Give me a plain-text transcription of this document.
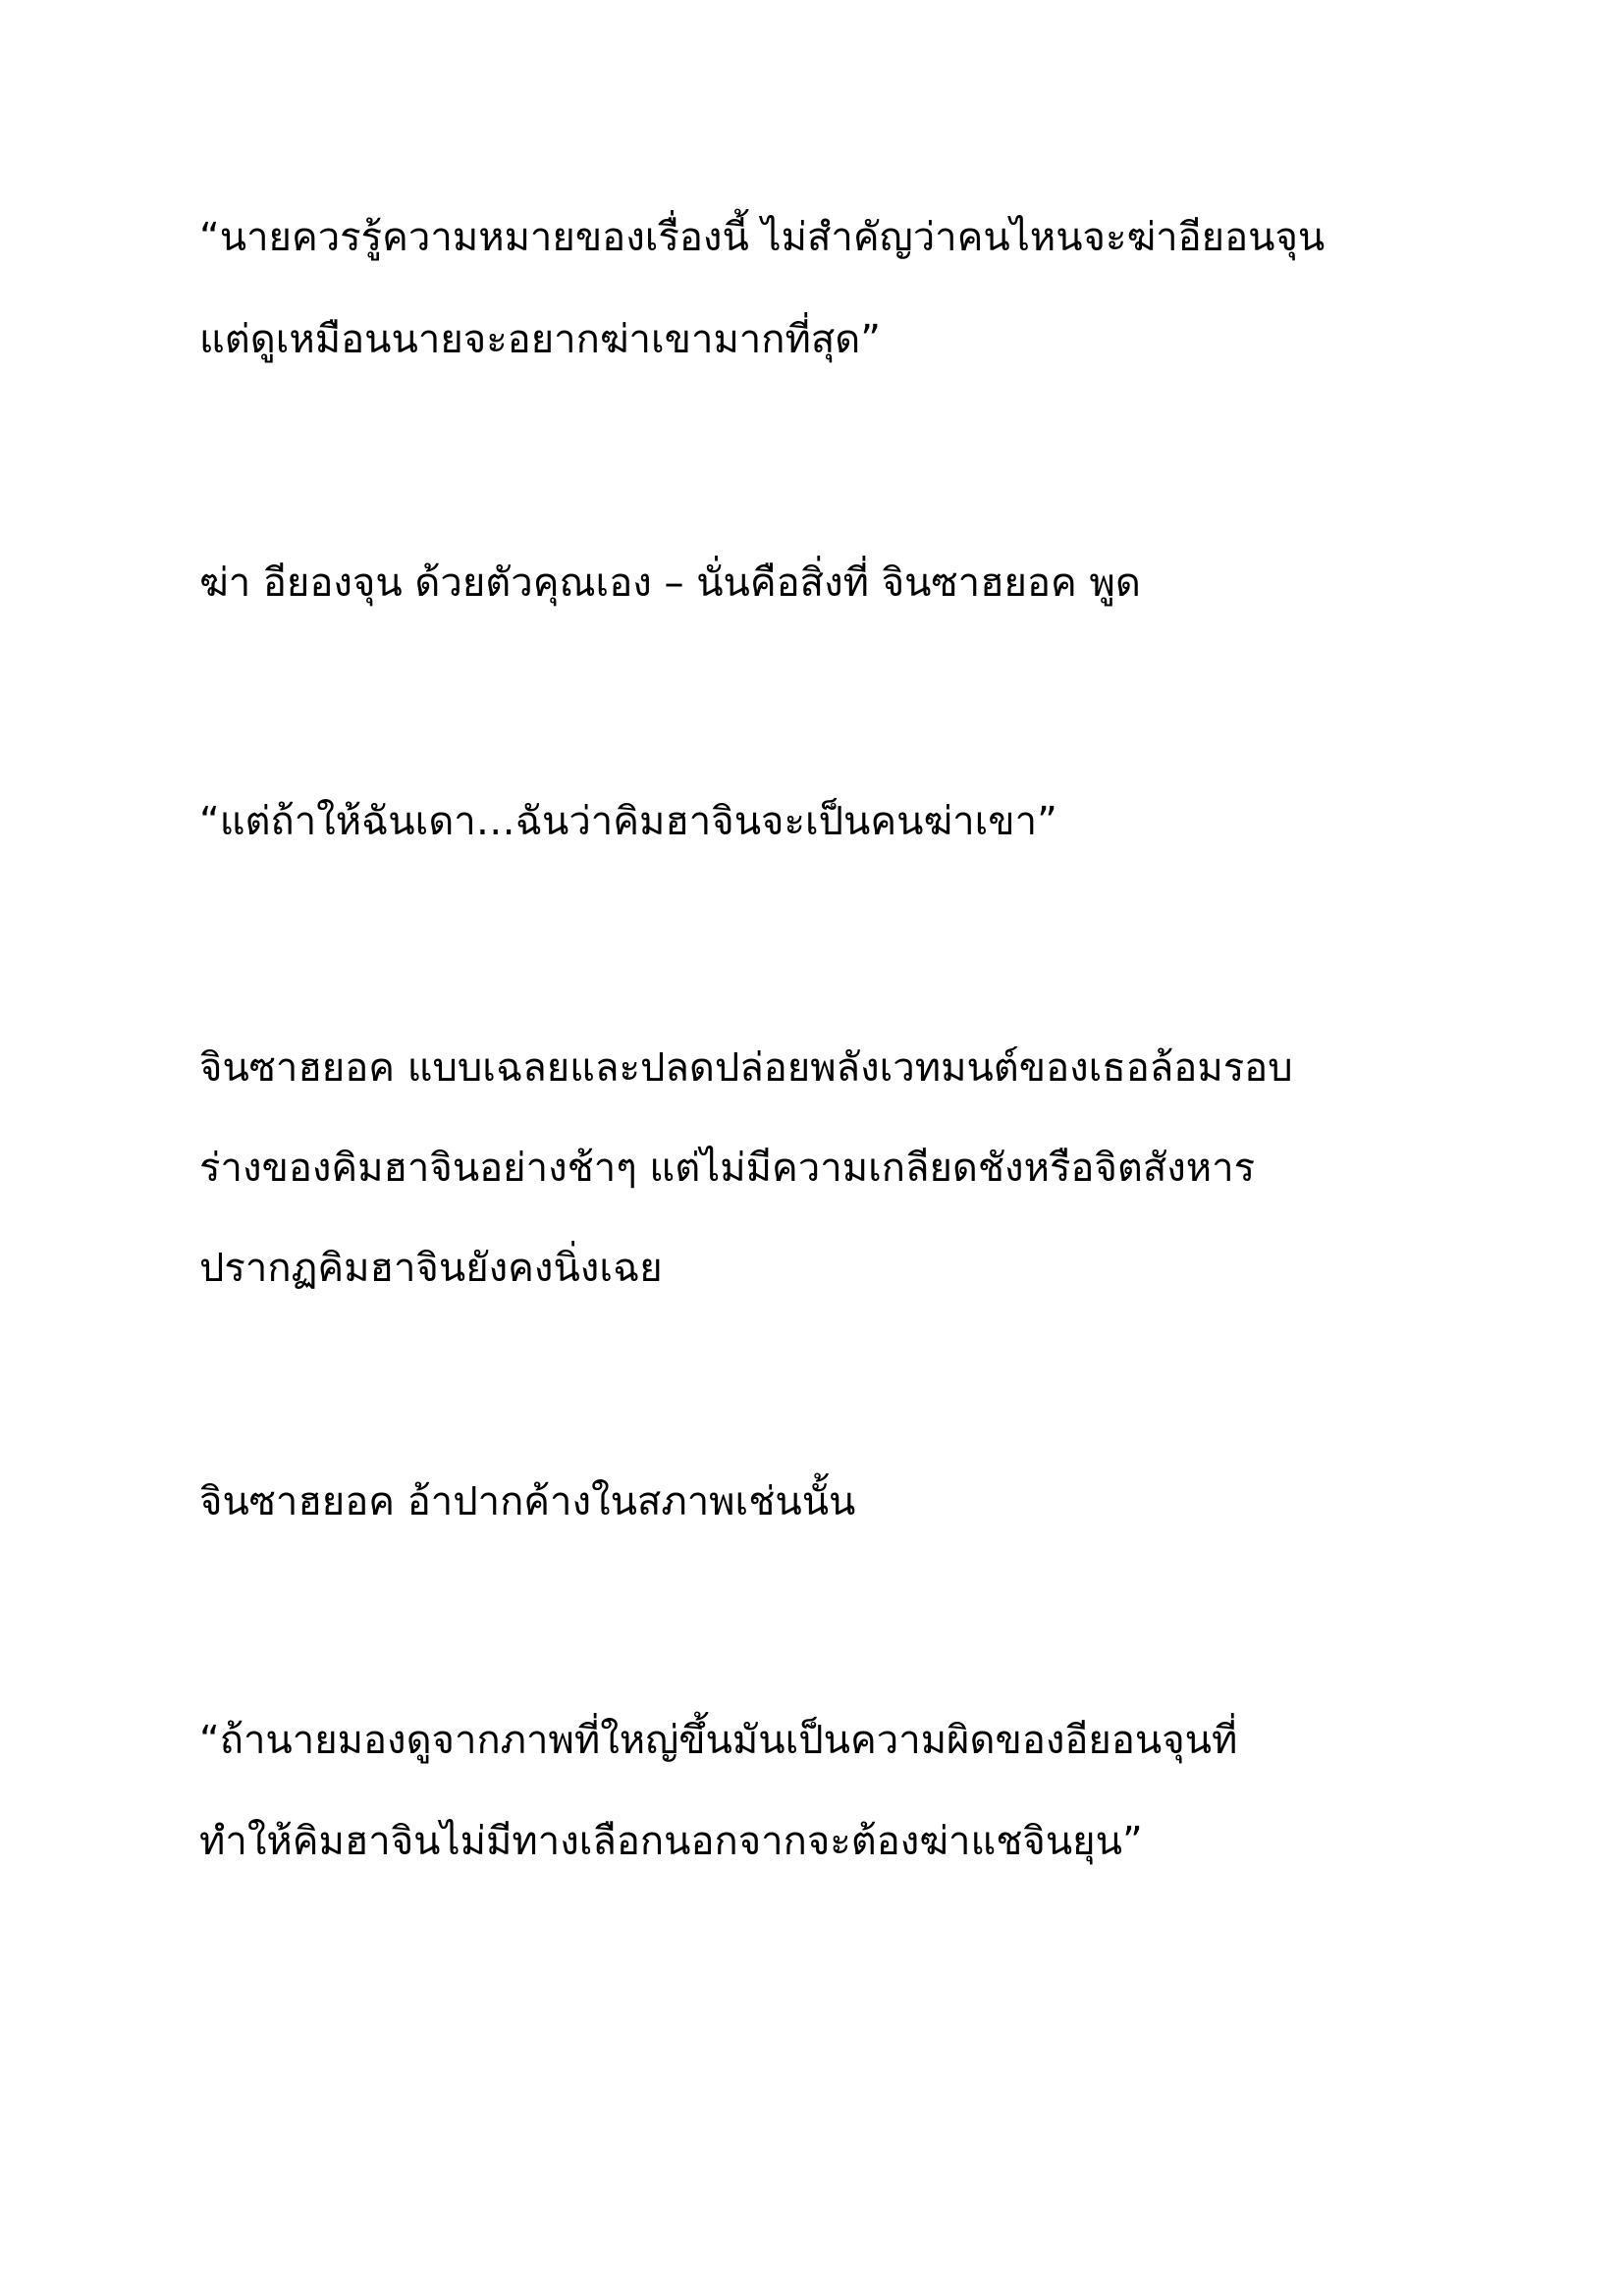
“นายควรรู้ความหมายของเรื่องนี้ ไม่สำคัญว่าคนไหนจะฆ่าอียอนจุน

แต่ดูเหมือนนายจะอยากฆ่าเขามากที่สุด”

ฆ่า อียองจุน ด้วยตัวคุณเอง – นั่นคือสิ่งที่ จินซาฮยอค พูด

“แต่ถ้าให้ฉันเดา…ฉันว่าคิมฮาจินจะเป็นคนฆ่าเขา”

จินซาฮยอค แบบเฉลยและปลดปล่อยพลังเวทมนต์ของเธอล้อมรอบ

ร่างของคิมฮาจินอย่างช้าๆ แต่ไม่มีความเกลียดชังหรือจิตสังหาร

ปรากฏคิมฮาจินยังคงนิ่งเฉย

จินซาฮยอค อ้าปากค้างในสภาพเช่นนั้น

“ถ้านายมองดูจากภาพที่ใหญ่ขึ้นมันเป็นความผิดของอียอนจุนที่

ทำให้คิมฮาจินไม่มีทางเลือกนอกจากจะต้องฆ่าแชจินยุน”
